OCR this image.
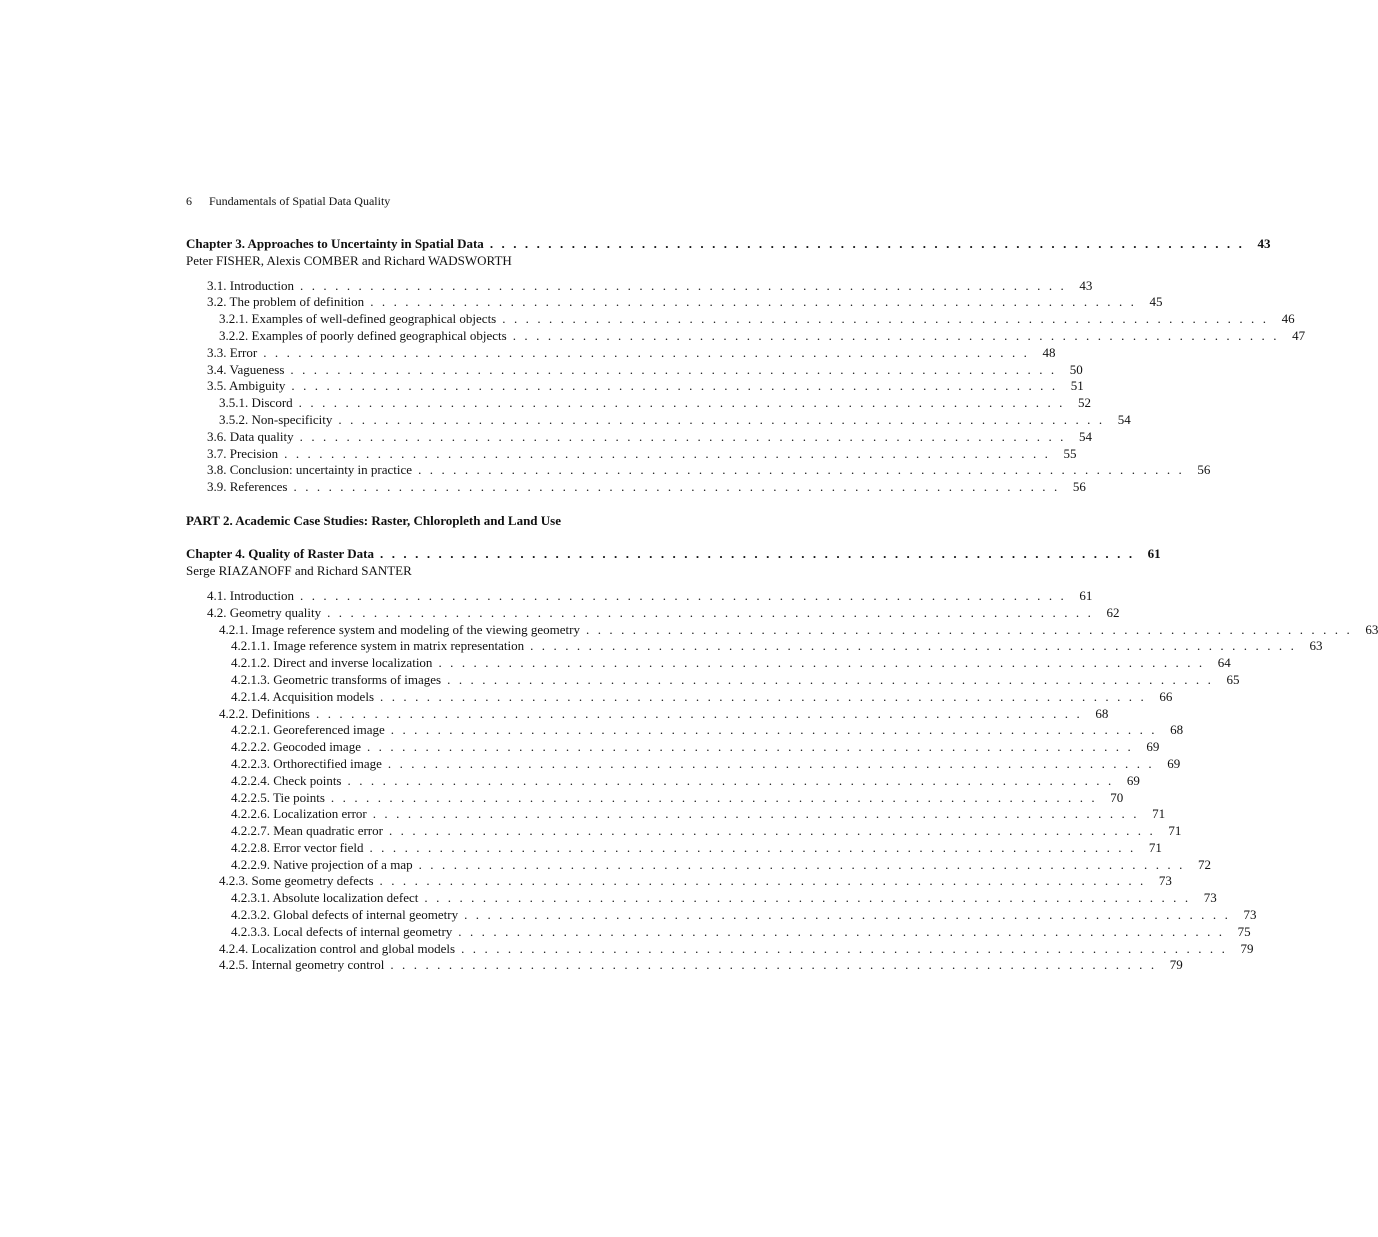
6 Fundamentals of Spatial Data Quality
Chapter 3. Approaches to Uncertainty in Spatial Data . . . . . . . . . . . . . . . . . . . . . . . . . . . . . . . . . . . . . . . . . . . . . . . . . . . . . . . . . . . . . . . . .	43
Peter FISHER, Alexis COMBER and Richard WADSWORTH
3.1. Introduction . . . . . . . . . . . . . . . . . . . . . . . . . . . . . . . . . . . . . . . . . . . . . . . . . . . . . . . . . . . . . . . . . .	43
3.2. The problem of definition . . . . . . . . . . . . . . . . . . . . . . . . . . . . . . . . . . . . . . . . . . . . . . . . . . . . . . . . . . . . . . . . . .	45
3.2.1. Examples of well-defined geographical objects . . . . . . . . . . . . . . . . . . . . . . . . . . . . . . . . . . . . . . . . . . . . . . . . . . . . . . . . . . . . . . . . . .	46
3.2.2. Examples of poorly defined geographical objects . . . . . . . . . . . . . . . . . . . . . . . . . . . . . . . . . . . . . . . . . . . . . . . . . . . . . . . . . . . . . . . . . .	47
3.3. Error . . . . . . . . . . . . . . . . . . . . . . . . . . . . . . . . . . . . . . . . . . . . . . . . . . . . . . . . . . . . . . . . . .	48
3.4. Vagueness . . . . . . . . . . . . . . . . . . . . . . . . . . . . . . . . . . . . . . . . . . . . . . . . . . . . . . . . . . . . . . . . . .	50
3.5. Ambiguity . . . . . . . . . . . . . . . . . . . . . . . . . . . . . . . . . . . . . . . . . . . . . . . . . . . . . . . . . . . . . . . . . .	51
3.5.1. Discord . . . . . . . . . . . . . . . . . . . . . . . . . . . . . . . . . . . . . . . . . . . . . . . . . . . . . . . . . . . . . . . . . .	52
3.5.2. Non-specificity . . . . . . . . . . . . . . . . . . . . . . . . . . . . . . . . . . . . . . . . . . . . . . . . . . . . . . . . . . . . . . . . . .	54
3.6. Data quality . . . . . . . . . . . . . . . . . . . . . . . . . . . . . . . . . . . . . . . . . . . . . . . . . . . . . . . . . . . . . . . . . .	54
3.7. Precision . . . . . . . . . . . . . . . . . . . . . . . . . . . . . . . . . . . . . . . . . . . . . . . . . . . . . . . . . . . . . . . . . .	55
3.8. Conclusion: uncertainty in practice . . . . . . . . . . . . . . . . . . . . . . . . . . . . . . . . . . . . . . . . . . . . . . . . . . . . . . . . . . . . . . . . . .	56
3.9. References . . . . . . . . . . . . . . . . . . . . . . . . . . . . . . . . . . . . . . . . . . . . . . . . . . . . . . . . . . . . . . . . . .	56
PART 2. Academic Case Studies: Raster, Chloropleth and Land Use
Chapter 4. Quality of Raster Data . . . . . . . . . . . . . . . . . . . . . . . . . . . . . . . . . . . . . . . . . . . . . . . . . . . . . . . . . . . . . . . . .	61
Serge RIAZANOFF and Richard SANTER
4.1. Introduction . . . . . . . . . . . . . . . . . . . . . . . . . . . . . . . . . . . . . . . . . . . . . . . . . . . . . . . . . . . . . . . . . .	61
4.2. Geometry quality . . . . . . . . . . . . . . . . . . . . . . . . . . . . . . . . . . . . . . . . . . . . . . . . . . . . . . . . . . . . . . . . . .	62
4.2.1. Image reference system and modeling of the viewing geometry . . . . . . . . . . . . . . . . . . . . . . . . . . . . . . . . . . . . . . . . . . . . . . . . . . . . . . . . . . . . . . . . . .	63
4.2.1.1. Image reference system in matrix representation . . . . . . . . . . . . . . . . . . . . . . . . . . . . . . . . . . . . . . . . . . . . . . . . . . . . . . . . . . . . . . . . . .	63
4.2.1.2. Direct and inverse localization . . . . . . . . . . . . . . . . . . . . . . . . . . . . . . . . . . . . . . . . . . . . . . . . . . . . . . . . . . . . . . . . . .	64
4.2.1.3. Geometric transforms of images . . . . . . . . . . . . . . . . . . . . . . . . . . . . . . . . . . . . . . . . . . . . . . . . . . . . . . . . . . . . . . . . . .	65
4.2.1.4. Acquisition models . . . . . . . . . . . . . . . . . . . . . . . . . . . . . . . . . . . . . . . . . . . . . . . . . . . . . . . . . . . . . . . . . .	66
4.2.2. Definitions . . . . . . . . . . . . . . . . . . . . . . . . . . . . . . . . . . . . . . . . . . . . . . . . . . . . . . . . . . . . . . . . . .	68
4.2.2.1. Georeferenced image . . . . . . . . . . . . . . . . . . . . . . . . . . . . . . . . . . . . . . . . . . . . . . . . . . . . . . . . . . . . . . . . . .	68
4.2.2.2. Geocoded image . . . . . . . . . . . . . . . . . . . . . . . . . . . . . . . . . . . . . . . . . . . . . . . . . . . . . . . . . . . . . . . . . .	69
4.2.2.3. Orthorectified image . . . . . . . . . . . . . . . . . . . . . . . . . . . . . . . . . . . . . . . . . . . . . . . . . . . . . . . . . . . . . . . . . .	69
4.2.2.4. Check points . . . . . . . . . . . . . . . . . . . . . . . . . . . . . . . . . . . . . . . . . . . . . . . . . . . . . . . . . . . . . . . . . .	69
4.2.2.5. Tie points . . . . . . . . . . . . . . . . . . . . . . . . . . . . . . . . . . . . . . . . . . . . . . . . . . . . . . . . . . . . . . . . . .	70
4.2.2.6. Localization error . . . . . . . . . . . . . . . . . . . . . . . . . . . . . . . . . . . . . . . . . . . . . . . . . . . . . . . . . . . . . . . . . .	71
4.2.2.7. Mean quadratic error . . . . . . . . . . . . . . . . . . . . . . . . . . . . . . . . . . . . . . . . . . . . . . . . . . . . . . . . . . . . . . . . . .	71
4.2.2.8. Error vector field . . . . . . . . . . . . . . . . . . . . . . . . . . . . . . . . . . . . . . . . . . . . . . . . . . . . . . . . . . . . . . . . . .	71
4.2.2.9. Native projection of a map . . . . . . . . . . . . . . . . . . . . . . . . . . . . . . . . . . . . . . . . . . . . . . . . . . . . . . . . . . . . . . . . . .	72
4.2.3. Some geometry defects . . . . . . . . . . . . . . . . . . . . . . . . . . . . . . . . . . . . . . . . . . . . . . . . . . . . . . . . . . . . . . . . . .	73
4.2.3.1. Absolute localization defect . . . . . . . . . . . . . . . . . . . . . . . . . . . . . . . . . . . . . . . . . . . . . . . . . . . . . . . . . . . . . . . . . .	73
4.2.3.2. Global defects of internal geometry . . . . . . . . . . . . . . . . . . . . . . . . . . . . . . . . . . . . . . . . . . . . . . . . . . . . . . . . . . . . . . . . . .	73
4.2.3.3. Local defects of internal geometry . . . . . . . . . . . . . . . . . . . . . . . . . . . . . . . . . . . . . . . . . . . . . . . . . . . . . . . . . . . . . . . . . .	75
4.2.4. Localization control and global models . . . . . . . . . . . . . . . . . . . . . . . . . . . . . . . . . . . . . . . . . . . . . . . . . . . . . . . . . . . . . . . . . .	79
4.2.5. Internal geometry control . . . . . . . . . . . . . . . . . . . . . . . . . . . . . . . . . . . . . . . . . . . . . . . . . . . . . . . . . . . . . . . . . .	79
